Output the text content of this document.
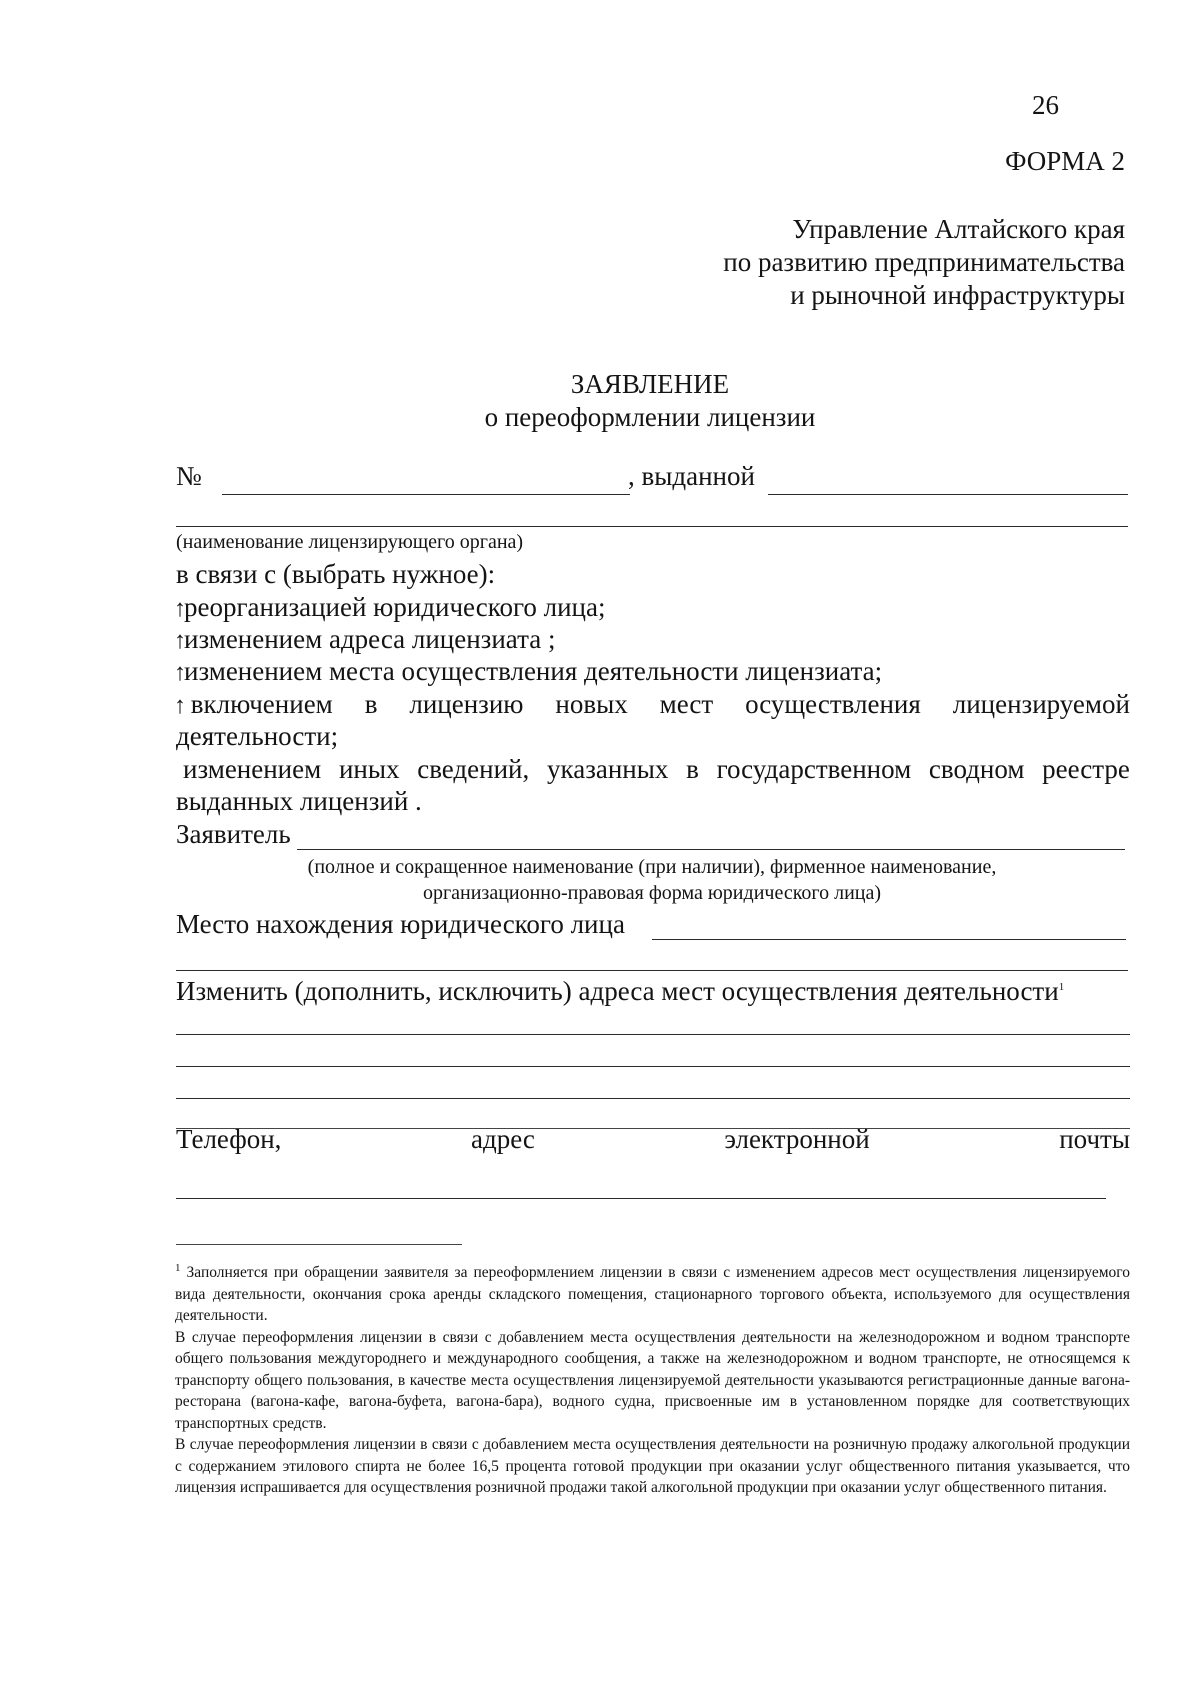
26
ФОРМА 2
Управление Алтайского края
по развитию предпринимательства
и рыночной инфраструктуры
ЗАЯВЛЕНИЕ
о переоформлении лицензии
№	, выданной
(наименование лицензирующего органа)
в связи с (выбрать нужное):
↑реорганизацией юридического лица;
↑изменением адреса лицензиата ;
↑изменением места осуществления деятельности лицензиата;
↑ включением в лицензию новых мест осуществления лицензируемой
деятельности;
изменением иных сведений, указанных в государственном сводном реестре
выданных лицензий .
Заявитель
(полное и сокращенное наименование (при наличии), фирменное наименование,
организационно-правовая форма юридического лица)
Место нахождения юридического лица
Изменить (дополнить, исключить) адреса мест осуществления деятельности$^1$
Телефон,	адрес	электронной	почты

$^1$ Заполняется при обращении заявителя за переоформлением лицензии в связи с изменением адресов мест осуществления лицензируемого вида деятельности, окончания срока аренды складского помещения, стационарного торгового объекта, используемого для осуществления деятельности.

В случае переоформления лицензии в связи с добавлением места осуществления деятельности на железнодорожном и водном транспорте общего пользования междугороднего и международного сообщения, а также на железнодорожном и водном транспорте, не относящемся к транспорту общего пользования, в качестве места осуществления лицензируемой деятельности указываются регистрационные данные вагона-ресторана (вагона-кафе, вагона-буфета, вагона-бара), водного судна, присвоенные им в установленном порядке для соответствующих транспортных средств.

В случае переоформления лицензии в связи с добавлением места осуществления деятельности на розничную продажу алкогольной продукции с содержанием этилового спирта не более 16,5 процента готовой продукции при оказании услуг общественного питания указывается, что лицензия испрашивается для осуществления розничной продажи такой алкогольной продукции при оказании услуг общественного питания.
